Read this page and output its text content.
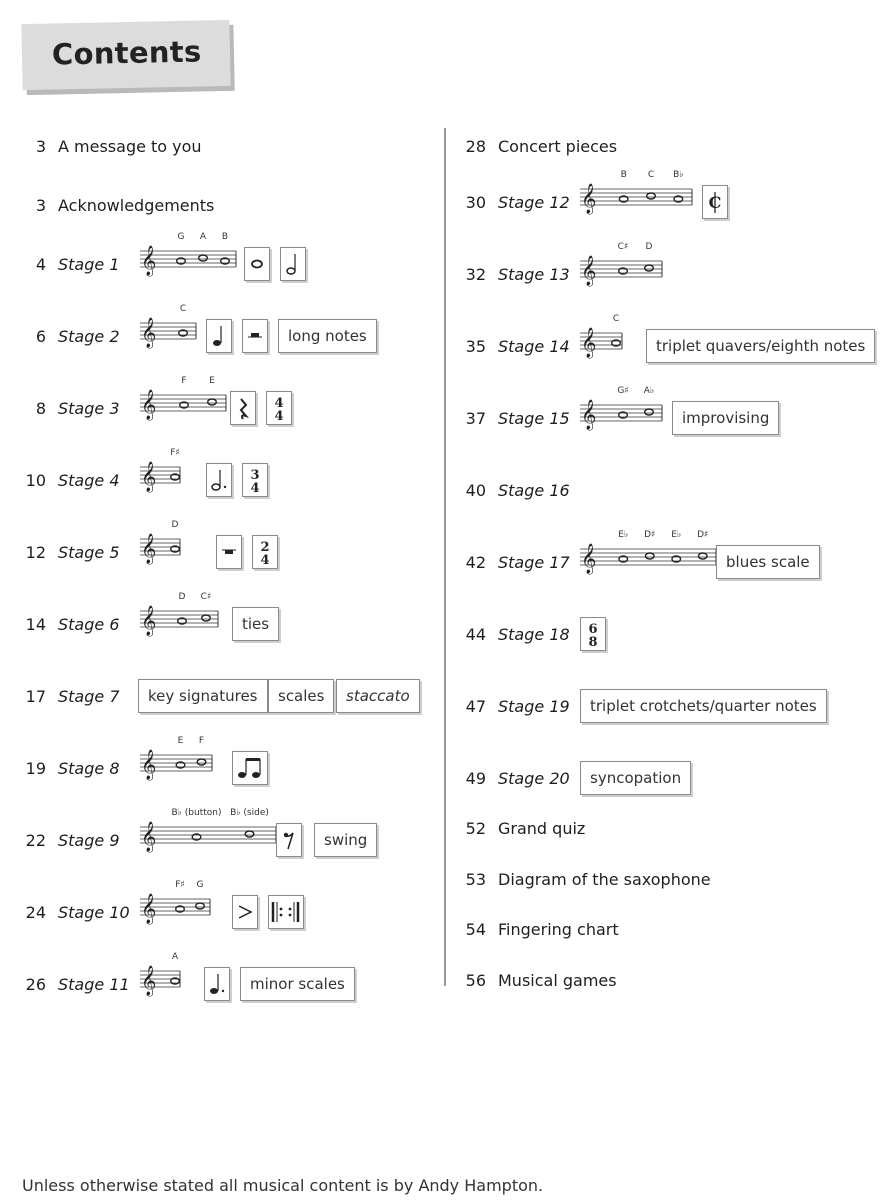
Contents
3 A message to you
3 Acknowledgements
4 Stage 1 𝄞
G A B
6 Stage 2 𝄞
C
long notes
8 Stage 3 𝄞
F	E
4
4
10 Stage 4 𝄞
F♯
3
4
12 Stage 5 𝄞
D
2
4
14 Stage 6 𝄞
D C♯
ties
17 Stage 7	key signatures	scales	staccato
19 Stage 8 𝄞
E F
22 Stage 9 𝄞
B♭ (button) B♭ (side)
swing
24 Stage 10 𝄞
F♯ G
26 Stage 11 𝄞
A
minor scales
28 Concert pieces
30 Stage 12 𝄞
B C B♭
C
32 Stage 13 𝄞
C♯ D
35 Stage 14 𝄞
C
triplet quavers/eighth notes
37 Stage 15 𝄞
G♯ A♭
improvising
40 Stage 16
42 Stage 17 𝄞
E♭ D♯ E♭ D♯
blues scale
44 Stage 18 6
8
47 Stage 19	triplet crotchets/quarter notes
49 Stage 20	syncopation
52 Grand quiz
53 Diagram of the saxophone
54 Fingering chart
56 Musical games
Unless otherwise stated all musical content is by Andy Hampton.
